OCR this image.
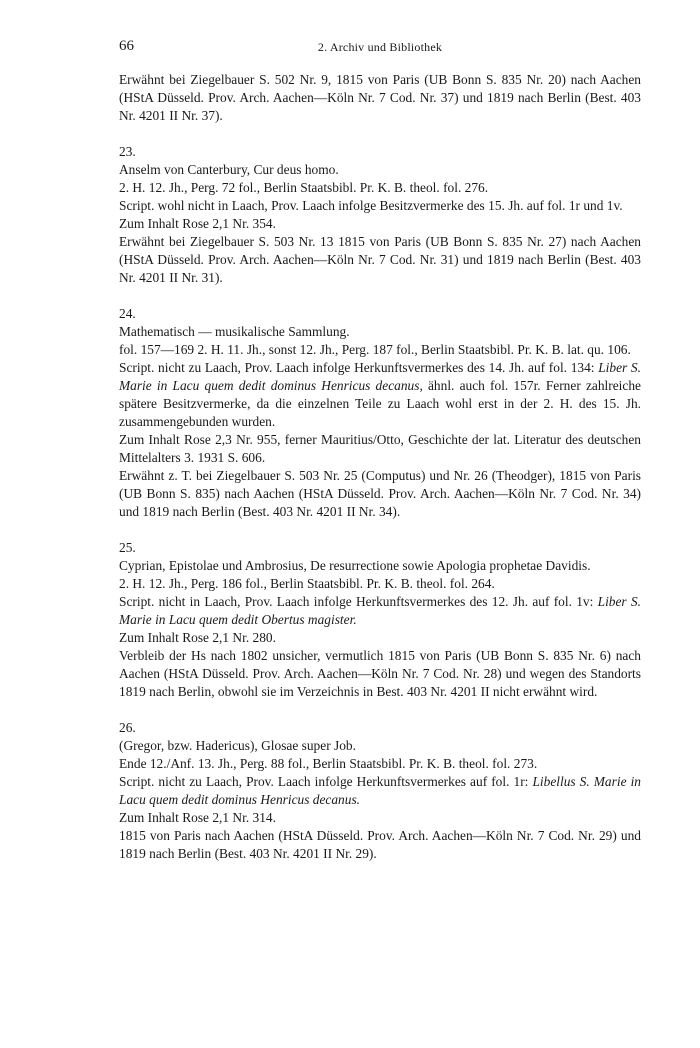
66	2. Archiv und Bibliothek

Erwähnt bei Ziegelbauer S. 502 Nr. 9, 1815 von Paris (UB Bonn S. 835 Nr. 20) nach Aachen (HStA Düsseld. Prov. Arch. Aachen—Köln Nr. 7 Cod. Nr. 37) und 1819 nach Berlin (Best. 403 Nr. 4201 II Nr. 37).

23.

Anselm von Canterbury, Cur deus homo.

2. H. 12. Jh., Perg. 72 fol., Berlin Staatsbibl. Pr. K. B. theol. fol. 276.

Script. wohl nicht in Laach, Prov. Laach infolge Besitzvermerke des 15. Jh. auf fol. 1r und 1v.

Zum Inhalt Rose 2,1 Nr. 354.

Erwähnt bei Ziegelbauer S. 503 Nr. 13 1815 von Paris (UB Bonn S. 835 Nr. 27) nach Aachen (HStA Düsseld. Prov. Arch. Aachen—Köln Nr. 7 Cod. Nr. 31) und 1819 nach Berlin (Best. 403 Nr. 4201 II Nr. 31).

24.

Mathematisch — musikalische Sammlung.

fol. 157—169 2. H. 11. Jh., sonst 12. Jh., Perg. 187 fol., Berlin Staatsbibl. Pr. K. B. lat. qu. 106.

Script. nicht zu Laach, Prov. Laach infolge Herkunftsvermerkes des 14. Jh. auf fol. 134: Liber S. Marie in Lacu quem dedit dominus Henricus decanus, ähnl. auch fol. 157r. Ferner zahlreiche spätere Besitzvermerke, da die einzelnen Teile zu Laach wohl erst in der 2. H. des 15. Jh. zusammengebunden wurden.

Zum Inhalt Rose 2,3 Nr. 955, ferner Mauritius/Otto, Geschichte der lat. Literatur des deutschen Mittelalters 3. 1931 S. 606.

Erwähnt z. T. bei Ziegelbauer S. 503 Nr. 25 (Computus) und Nr. 26 (Theodger), 1815 von Paris (UB Bonn S. 835) nach Aachen (HStA Düsseld. Prov. Arch. Aachen—Köln Nr. 7 Cod. Nr. 34) und 1819 nach Berlin (Best. 403 Nr. 4201 II Nr. 34).

25.

Cyprian, Epistolae und Ambrosius, De resurrectione sowie Apologia prophetae Davidis.

2. H. 12. Jh., Perg. 186 fol., Berlin Staatsbibl. Pr. K. B. theol. fol. 264.

Script. nicht in Laach, Prov. Laach infolge Herkunftsvermerkes des 12. Jh. auf fol. 1v: Liber S. Marie in Lacu quem dedit Obertus magister.

Zum Inhalt Rose 2,1 Nr. 280.

Verbleib der Hs nach 1802 unsicher, vermutlich 1815 von Paris (UB Bonn S. 835 Nr. 6) nach Aachen (HStA Düsseld. Prov. Arch. Aachen—Köln Nr. 7 Cod. Nr. 28) und wegen des Standorts 1819 nach Berlin, obwohl sie im Verzeichnis in Best. 403 Nr. 4201 II nicht erwähnt wird.

26.

(Gregor, bzw. Hadericus), Glosae super Job.

Ende 12./Anf. 13. Jh., Perg. 88 fol., Berlin Staatsbibl. Pr. K. B. theol. fol. 273.

Script. nicht zu Laach, Prov. Laach infolge Herkunftsvermerkes auf fol. 1r: Libellus S. Marie in Lacu quem dedit dominus Henricus decanus.

Zum Inhalt Rose 2,1 Nr. 314.

1815 von Paris nach Aachen (HStA Düsseld. Prov. Arch. Aachen—Köln Nr. 7 Cod. Nr. 29) und 1819 nach Berlin (Best. 403 Nr. 4201 II Nr. 29).
